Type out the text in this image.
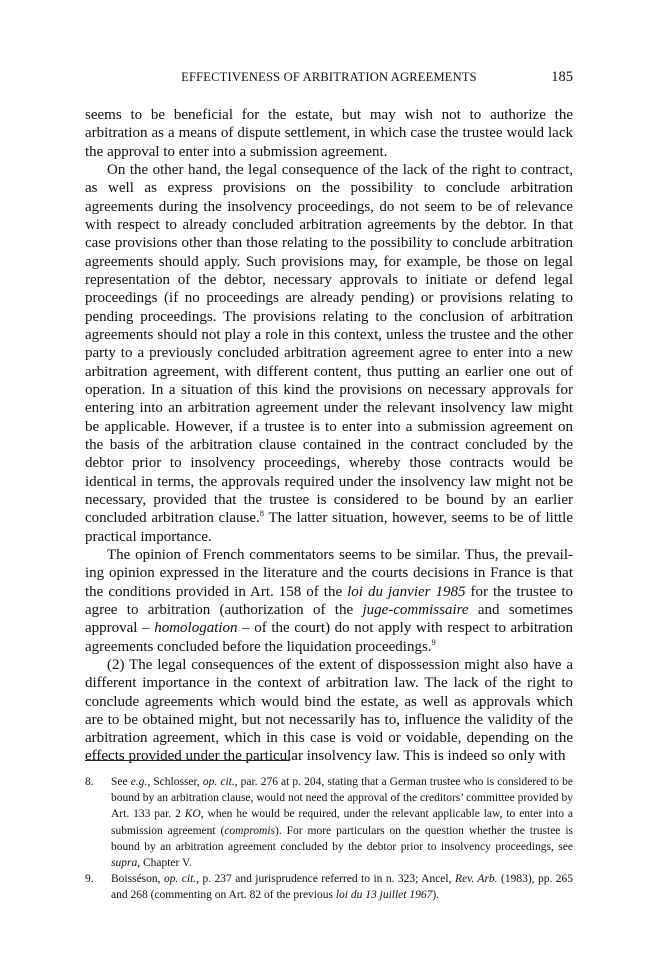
EFFECTIVENESS OF ARBITRATION AGREEMENTS	185

seems to be beneficial for the estate, but may wish not to authorize the arbitration as a means of dispute settlement, in which case the trustee would lack the approval to enter into a submission agreement.

On the other hand, the legal consequence of the lack of the right to contract, as well as express provisions on the possibility to conclude arbitration agreements during the insolvency proceedings, do not seem to be of relevance with respect to already concluded arbitration agreements by the debtor. In that case provisions other than those relating to the possibility to conclude arbitration agreements should apply. Such provisions may, for example, be those on legal representation of the debtor, necessary approvals to initiate or defend legal proceedings (if no proceedings are already pending) or provisions relating to pending proceedings. The provisions relating to the conclusion of arbitration agreements should not play a role in this context, unless the trustee and the other party to a previously concluded arbitration agreement agree to enter into a new arbitration agreement, with different content, thus putting an earlier one out of operation. In a situation of this kind the provisions on necessary approvals for entering into an arbitration agreement under the relevant insolvency law might be applicable. However, if a trustee is to enter into a submission agreement on the basis of the arbitration clause contained in the contract concluded by the debtor prior to insolvency proceedings, whereby those contracts would be identical in terms, the approvals required under the insolvency law might not be necessary, provided that the trustee is considered to be bound by an earlier concluded arbitration clause.$^8$ The latter situation, however, seems to be of little practical importance.

The opinion of French commentators seems to be similar. Thus, the prevail-ing opinion expressed in the literature and the courts decisions in France is that the conditions provided in Art. 158 of the loi du janvier 1985 for the trustee to agree to arbitration (authorization of the juge-commissaire and sometimes approval – homologation – of the court) do not apply with respect to arbitration agreements concluded before the liquidation proceedings.$^9$

(2) The legal consequences of the extent of dispossession might also have a different importance in the context of arbitration law. The lack of the right to conclude agreements which would bind the estate, as well as approvals which are to be obtained might, but not necessarily has to, influence the validity of the arbitration agreement, which in this case is void or voidable, depending on the effects provided under the particular insolvency law. This is indeed so only with

8. See e.g., Schlosser, op. cit., par. 276 at p. 204, stating that a German trustee who is considered to be bound by an arbitration clause, would not need the approval of the creditors’ committee provided by Art. 133 par. 2 KO, when he would be required, under the relevant applicable law, to enter into a submission agreement (compromis). For more particulars on the question whether the trustee is bound by an arbitration agreement concluded by the debtor prior to insolvency proceedings, see supra, Chapter V.
9. Boisséson, op. cit., p. 237 and jurisprudence referred to in n. 323; Ancel, Rev. Arb. (1983), pp. 265 and 268 (commenting on Art. 82 of the previous loi du 13 juillet 1967).
